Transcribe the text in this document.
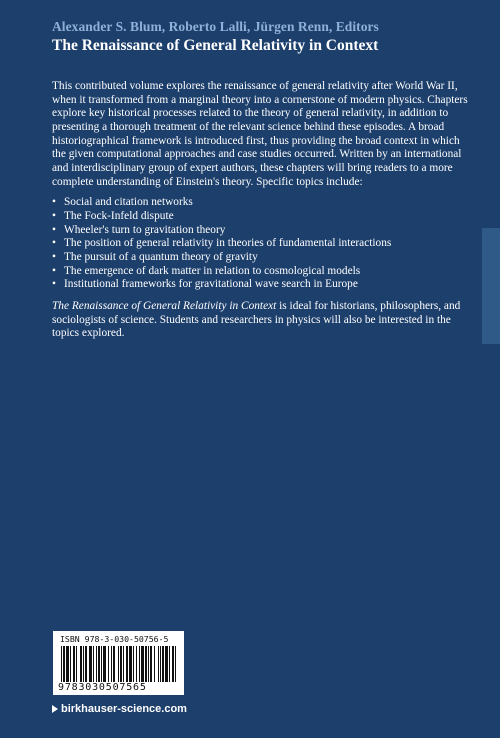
Alexander S. Blum, Roberto Lalli, Jürgen Renn, Editors
The Renaissance of General Relativity in Context

This contributed volume explores the renaissance of general relativity after World War II, when it transformed from a marginal theory into a cornerstone of modern physics. Chapters explore key historical processes related to the theory of general relativity, in addition to presenting a thorough treatment of the relevant science behind these episodes. A broad historiographical framework is introduced first, thus providing the broad context in which the given computational approaches and case studies occurred. Written by an international and interdisciplinary group of expert authors, these chapters will bring readers to a more complete understanding of Einstein's theory. Specific topics include:

• Social and citation networks
• The Fock-Infeld dispute
• Wheeler's turn to gravitation theory
• The position of general relativity in theories of fundamental interactions
• The pursuit of a quantum theory of gravity
• The emergence of dark matter in relation to cosmological models
• Institutional frameworks for gravitational wave search in Europe

The Renaissance of General Relativity in Context is ideal for historians, philosophers, and sociologists of science. Students and researchers in physics will also be interested in the topics explored.

ISBN 978-3-030-50756-5
9783030507565
birkhauser-science.com
